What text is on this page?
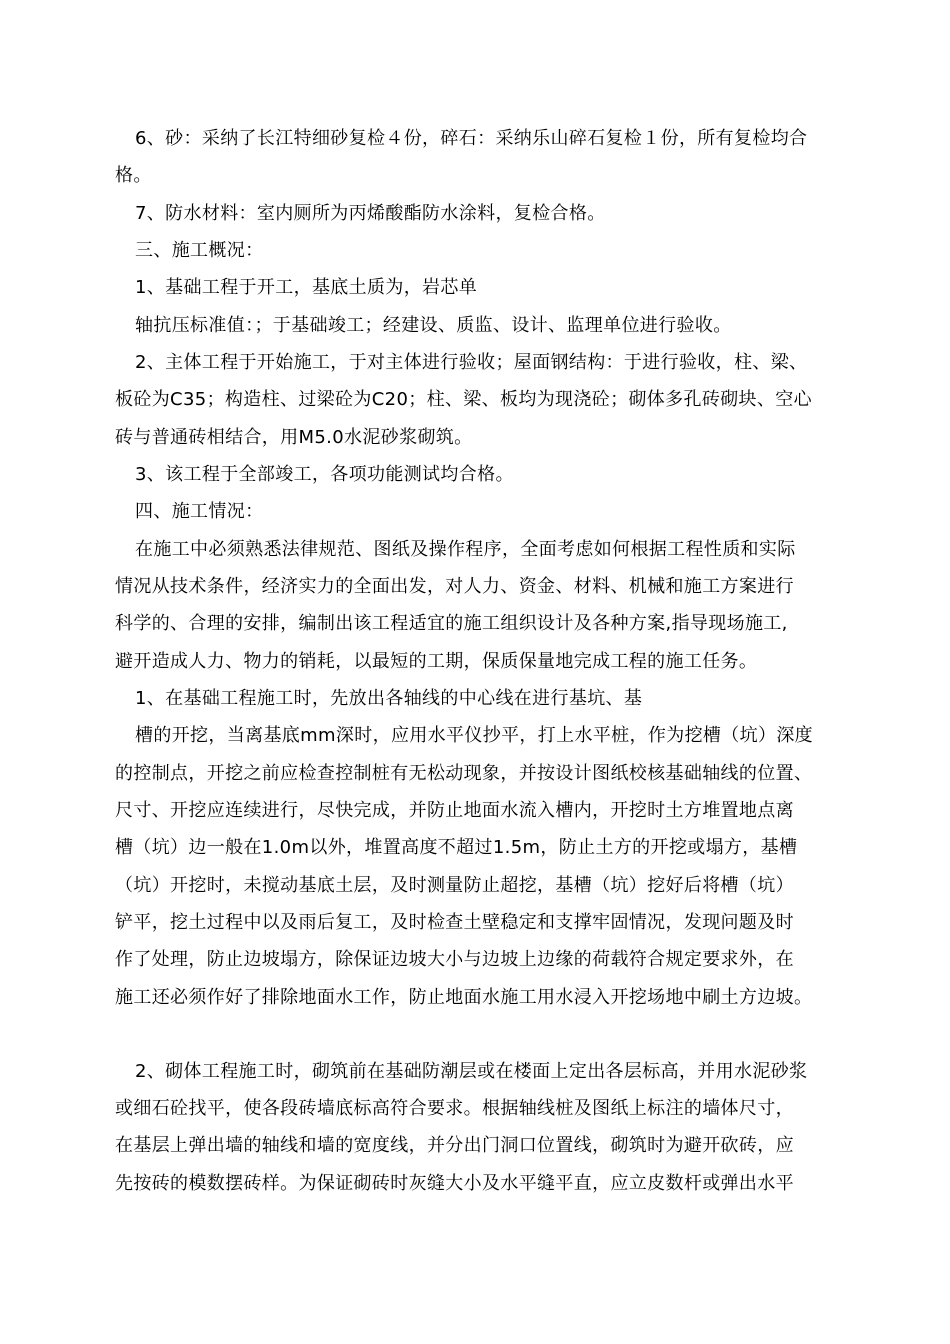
6、砂：采纳了长江特细砂复检４份，碎石：采纳乐山碎石复检１份，所有复检均合
格。
7、防水材料：室内厕所为丙烯酸酯防水涂料，复检合格。
三、施工概况：
1、基础工程于开工，基底土质为，岩芯单
轴抗压标准值：；于基础竣工；经建设、质监、设计、监理单位进行验收。
2、主体工程于开始施工，于对主体进行验收；屋面钢结构：于进行验收，柱、梁、
板砼为C35；构造柱、过梁砼为C20；柱、梁、板均为现浇砼；砌体多孔砖砌块、空心
砖与普通砖相结合，用M5.0水泥砂浆砌筑。
3、该工程于全部竣工，各项功能测试均合格。
四、施工情况：
在施工中必须熟悉法律规范、图纸及操作程序，全面考虑如何根据工程性质和实际
情况从技术条件，经济实力的全面出发，对人力、资金、材料、机械和施工方案进行
科学的、合理的安排，编制出该工程适宜的施工组织设计及各种方案,指导现场施工,
避开造成人力、物力的销耗，以最短的工期，保质保量地完成工程的施工任务。
1、在基础工程施工时，先放出各轴线的中心线在进行基坑、基
槽的开挖，当离基底mm深时，应用水平仪抄平，打上水平桩，作为挖槽（坑）深度
的控制点，开挖之前应检查控制桩有无松动现象，并按设计图纸校核基础轴线的位置、
尺寸、开挖应连续进行，尽快完成，并防止地面水流入槽内，开挖时土方堆置地点离
槽（坑）边一般在1.0m以外，堆置高度不超过1.5m，防止土方的开挖或塌方，基槽
（坑）开挖时，未搅动基底土层，及时测量防止超挖，基槽（坑）挖好后将槽（坑）
铲平，挖土过程中以及雨后复工，及时检查土壁稳定和支撑牢固情况，发现问题及时
作了处理，防止边坡塌方，除保证边坡大小与边坡上边缘的荷载符合规定要求外，在
施工还必须作好了排除地面水工作，防止地面水施工用水浸入开挖场地中刷土方边坡。
2、砌体工程施工时，砌筑前在基础防潮层或在楼面上定出各层标高，并用水泥砂浆
或细石砼找平，使各段砖墙底标高符合要求。根据轴线桩及图纸上标注的墙体尺寸，
在基层上弹出墙的轴线和墙的宽度线，并分出门洞口位置线，砌筑时为避开砍砖，应
先按砖的模数摆砖样。为保证砌砖时灰缝大小及水平缝平直，应立皮数杆或弹出水平
